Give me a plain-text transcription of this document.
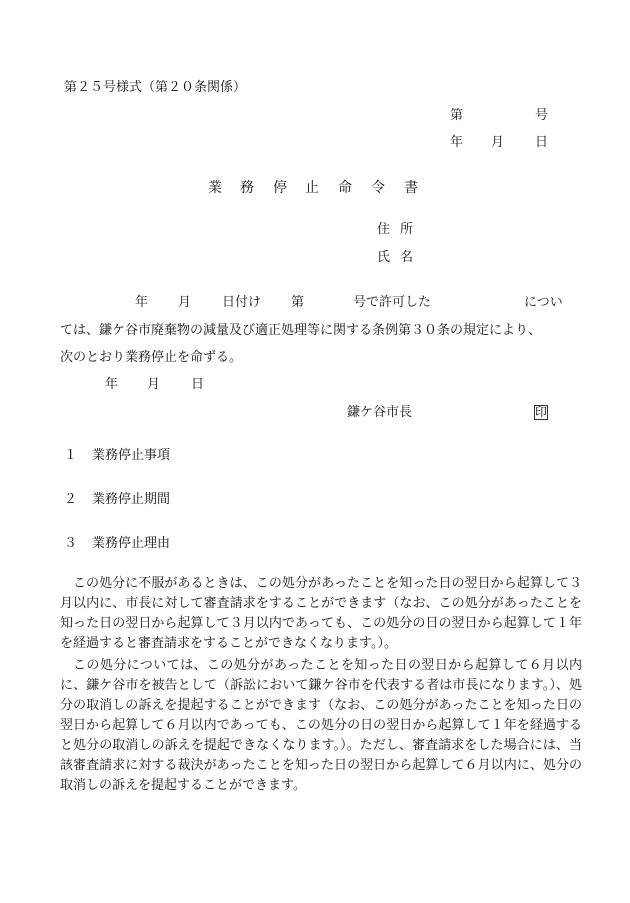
第２５号様式（第２０条関係）
第	号
年 月 日
業 務 停 止 命 令 書
住所
氏名
年 月 日付け 第	号で許可した	につい
ては、鎌ケ谷市廃棄物の減量及び適正処理等に関する条例第３０条の規定により、
次のとおり業務停止を命ずる。
年 月 日
鎌ケ谷市長	印
１ 業務停止事項
２ 業務停止期間
３ 業務停止理由
この処分に不服があるときは、この処分があったことを知った日の翌日から起算して３月以内に、市長に対して審査請求をすることができます（なお、この処分があったことを知った日の翌日から起算して３月以内であっても、この処分の日の翌日から起算して１年を経過すると審査請求をすることができなくなります。）。
この処分については、この処分があったことを知った日の翌日から起算して６月以内に、鎌ケ谷市を被告として（訴訟において鎌ケ谷市を代表する者は市長になります。）、処分の取消しの訴えを提起することができます（なお、この処分があったことを知った日の翌日から起算して６月以内であっても、この処分の日の翌日から起算して１年を経過すると処分の取消しの訴えを提起できなくなります。）。ただし、審査請求をした場合には、当該審査請求に対する裁決があったことを知った日の翌日から起算して６月以内に、処分の取消しの訴えを提起することができます。
